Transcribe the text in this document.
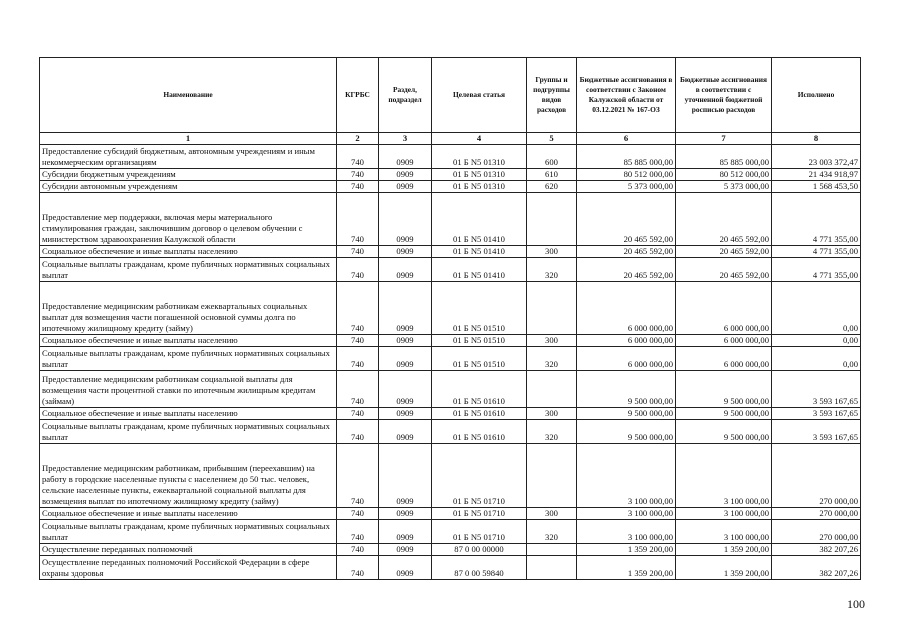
Наименование	КГРБС	Раздел, подраздел	Целевая статья	Группы и подгруппы видов расходов	Бюджетные ассигнования в соответствии с Законом Калужской области от 03.12.2021 № 167-ОЗ	Бюджетные ассигнования в соответствии с уточненной бюджетной росписью расходов	Исполнено
1	2	3	4	5	6	7	8
Предоставление субсидий бюджетным, автономным учреждениям и иным некоммерческим организациям	740	0909	01 Б N5 01310	600	85 885 000,00	85 885 000,00	23 003 372,47
Субсидии бюджетным учреждениям	740	0909	01 Б N5 01310	610	80 512 000,00	80 512 000,00	21 434 918,97
Субсидии автономным учреждениям	740	0909	01 Б N5 01310	620	5 373 000,00	5 373 000,00	1 568 453,50
Предоставление мер поддержки, включая меры материального стимулирования граждан, заключившим договор о целевом обучении с министерством здравоохранения Калужской области	740	0909	01 Б N5 01410		20 465 592,00	20 465 592,00	4 771 355,00
Социальное обеспечение и иные выплаты населению	740	0909	01 Б N5 01410	300	20 465 592,00	20 465 592,00	4 771 355,00
Социальные выплаты гражданам, кроме публичных нормативных социальных выплат	740	0909	01 Б N5 01410	320	20 465 592,00	20 465 592,00	4 771 355,00
Предоставление медицинским работникам ежеквартальных социальных выплат для возмещения части погашенной основной суммы долга по ипотечному жилищному кредиту (займу)	740	0909	01 Б N5 01510		6 000 000,00	6 000 000,00	0,00
Социальное обеспечение и иные выплаты населению	740	0909	01 Б N5 01510	300	6 000 000,00	6 000 000,00	0,00
Социальные выплаты гражданам, кроме публичных нормативных социальных выплат	740	0909	01 Б N5 01510	320	6 000 000,00	6 000 000,00	0,00
Предоставление медицинским работникам социальной выплаты для возмещения части процентной ставки по ипотечным жилищным кредитам (займам)	740	0909	01 Б N5 01610		9 500 000,00	9 500 000,00	3 593 167,65
Социальное обеспечение и иные выплаты населению	740	0909	01 Б N5 01610	300	9 500 000,00	9 500 000,00	3 593 167,65
Социальные выплаты гражданам, кроме публичных нормативных социальных выплат	740	0909	01 Б N5 01610	320	9 500 000,00	9 500 000,00	3 593 167,65
Предоставление медицинским работникам, прибывшим (переехавшим) на работу в городские населенные пункты с населением до 50 тыс. человек, сельские населенные пункты, ежеквартальной социальной выплаты для возмещения выплат по ипотечному жилищному кредиту (займу)	740	0909	01 Б N5 01710		3 100 000,00	3 100 000,00	270 000,00
Социальное обеспечение и иные выплаты населению	740	0909	01 Б N5 01710	300	3 100 000,00	3 100 000,00	270 000,00
Социальные выплаты гражданам, кроме публичных нормативных социальных выплат	740	0909	01 Б N5 01710	320	3 100 000,00	3 100 000,00	270 000,00
Осуществление переданных полномочий	740	0909	87 0 00 00000		1 359 200,00	1 359 200,00	382 207,26
Осуществление переданных полномочий Российской Федерации в сфере охраны здоровья	740	0909	87 0 00 59840		1 359 200,00	1 359 200,00	382 207,26
100
